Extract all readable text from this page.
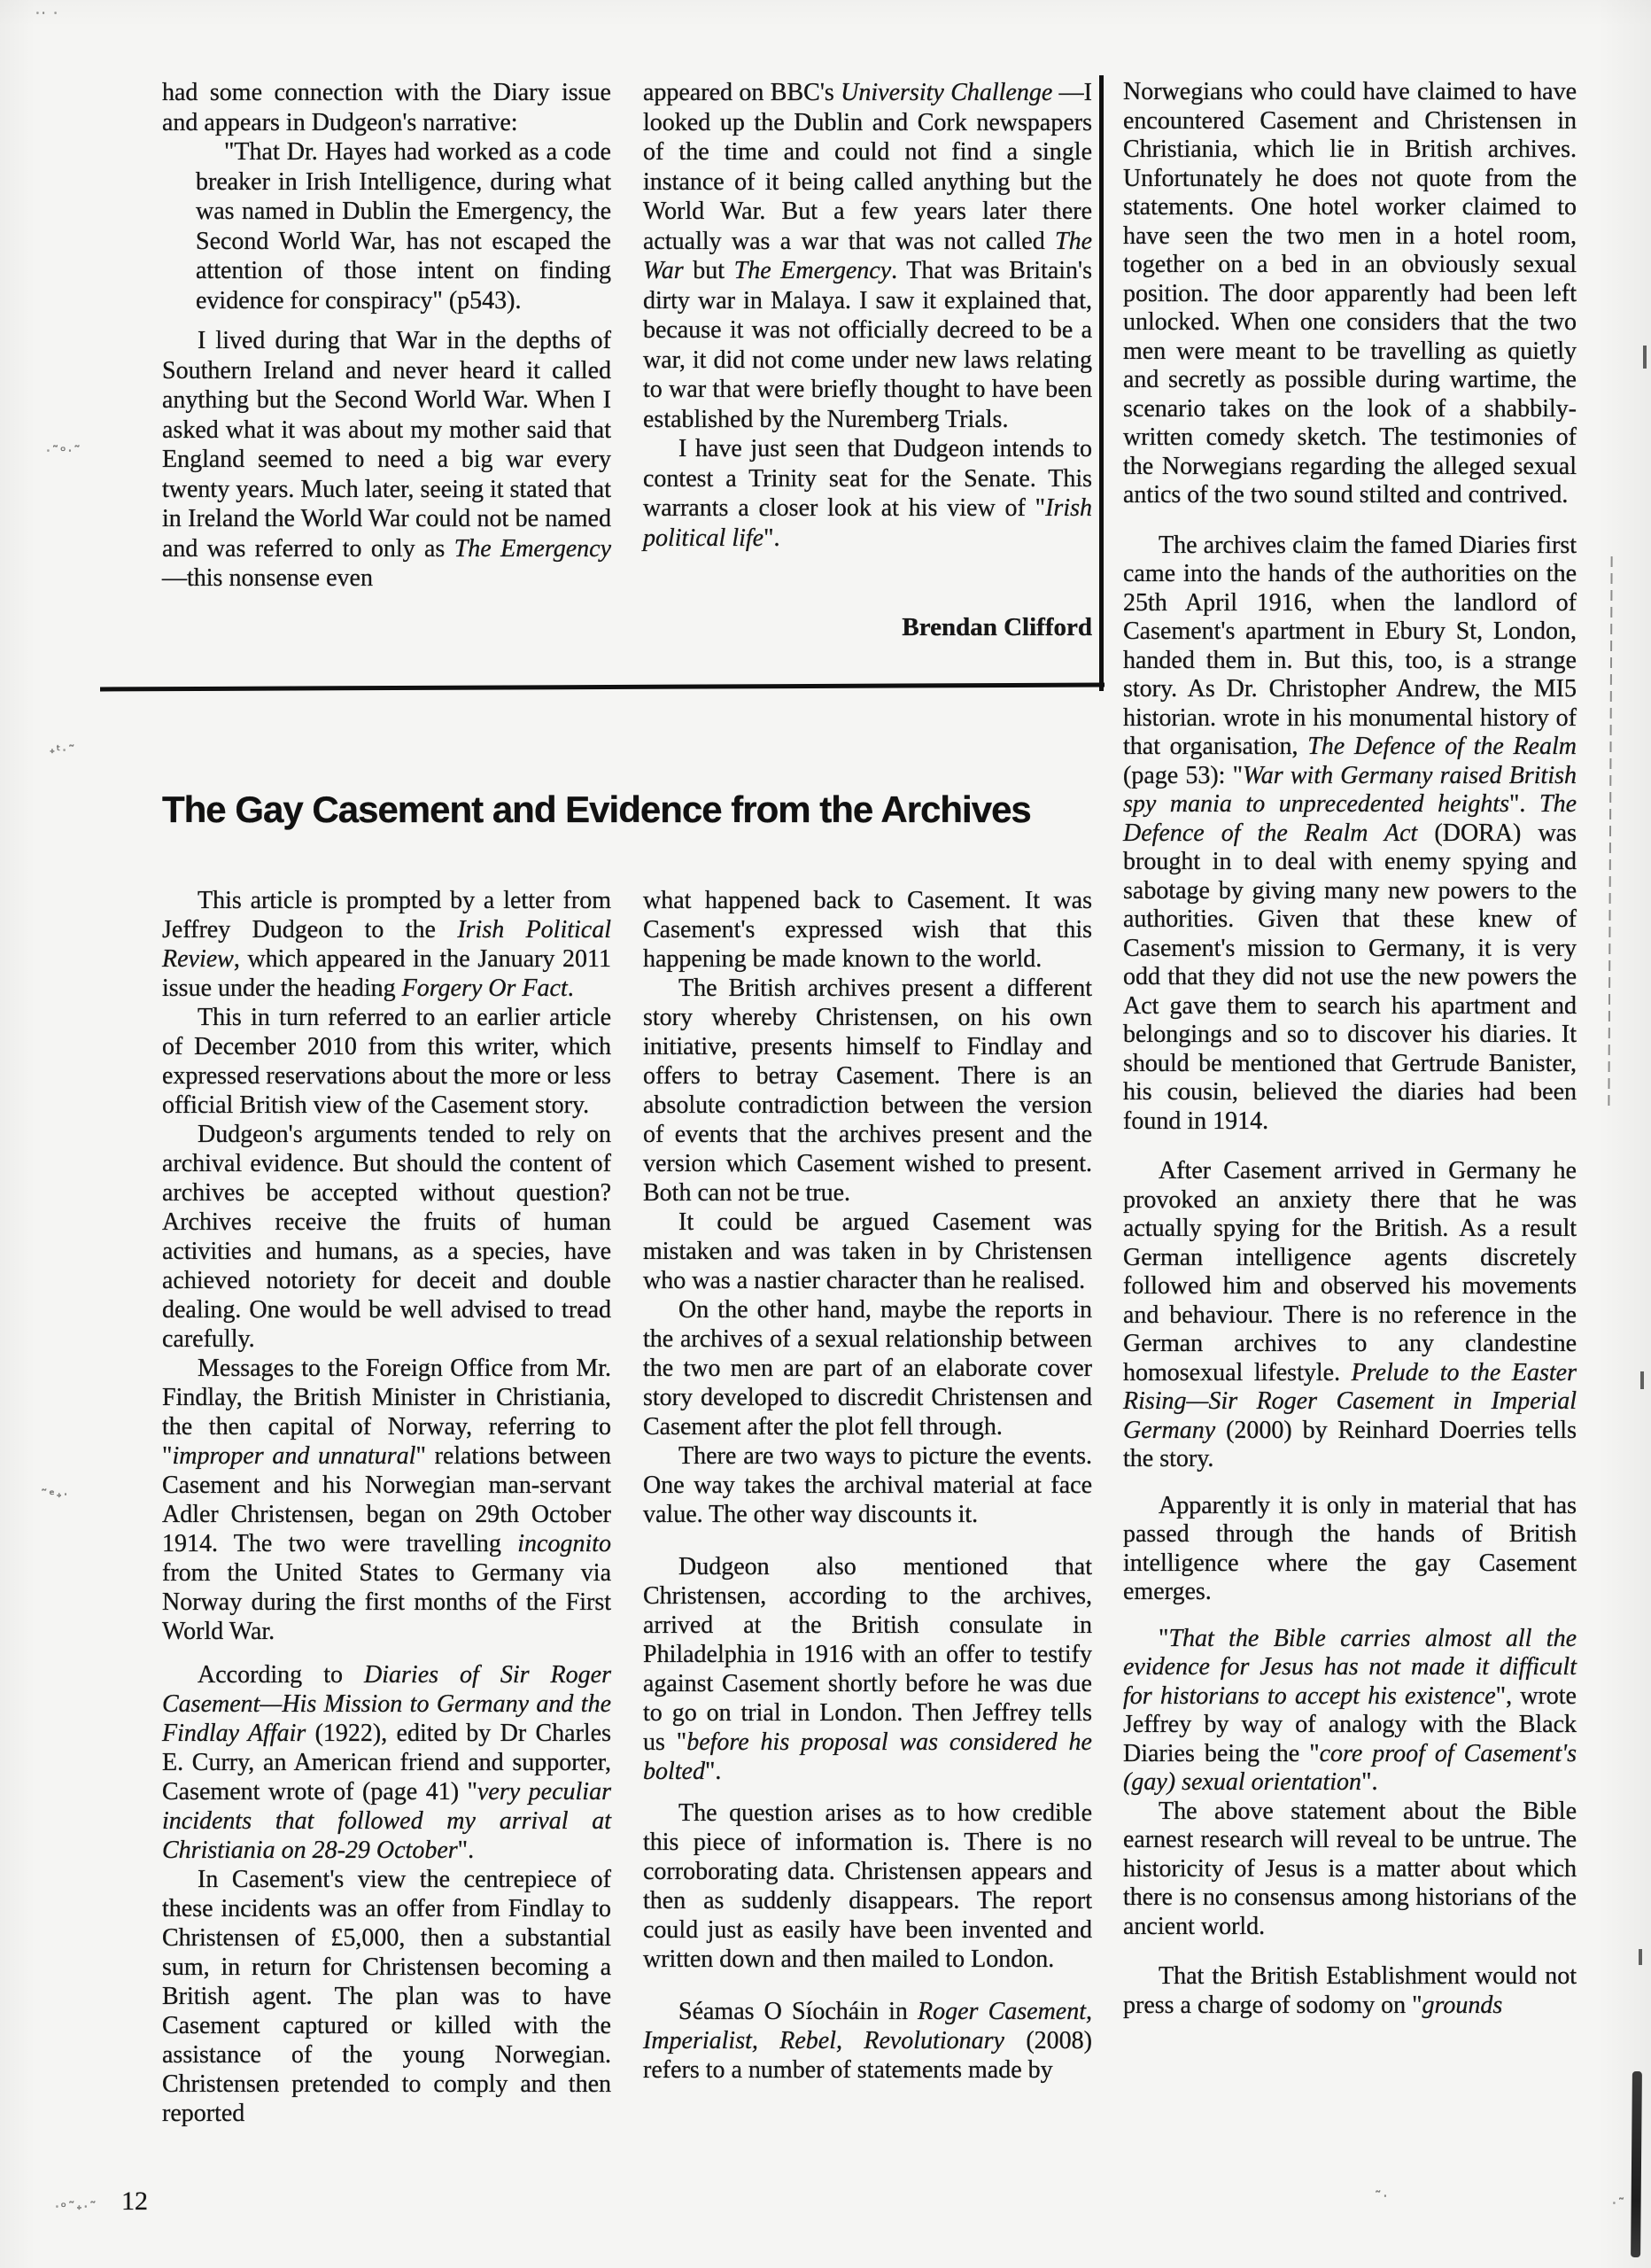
had some connection with the Diary issue and appears in Dudgeon's narrative:

"That Dr. Hayes had worked as a code breaker in Irish Intelligence, during what was named in Dublin the Emergency, the Second World War, has not escaped the attention of those intent on finding evidence for conspiracy" (p543).

I lived during that War in the depths of Southern Ireland and never heard it called anything but the Second World War. When I asked what it was about my mother said that England seemed to need a big war every twenty years. Much later, seeing it stated that in Ireland the World War could not be named and was referred to only as The Emergency—this nonsense even

appeared on BBC's University Challenge —I looked up the Dublin and Cork newspapers of the time and could not find a single instance of it being called anything but the World War. But a few years later there actually was a war that was not called The War but The Emergency. That was Britain's dirty war in Malaya. I saw it explained that, because it was not officially decreed to be a war, it did not come under new laws relating to war that were briefly thought to have been established by the Nuremberg Trials.

I have just seen that Dudgeon intends to contest a Trinity seat for the Senate. This warrants a closer look at his view of "Irish political life".

Brendan Clifford
The Gay Casement and Evidence from the Archives

This article is prompted by a letter from Jeffrey Dudgeon to the Irish Political Review, which appeared in the January 2011 issue under the heading Forgery Or Fact.

This in turn referred to an earlier article of December 2010 from this writer, which expressed reservations about the more or less official British view of the Casement story.

Dudgeon's arguments tended to rely on archival evidence. But should the content of archives be accepted without question? Archives receive the fruits of human activities and humans, as a species, have achieved notoriety for deceit and double dealing. One would be well advised to tread carefully.

Messages to the Foreign Office from Mr. Findlay, the British Minister in Christiania, the then capital of Norway, referring to "improper and unnatural" relations between Casement and his Norwegian man-servant Adler Christensen, began on 29th October 1914. The two were travelling incognito from the United States to Germany via Norway during the first months of the First World War.

According to Diaries of Sir Roger Casement—His Mission to Germany and the Findlay Affair (1922), edited by Dr Charles E. Curry, an American friend and supporter, Casement wrote of (page 41) "very peculiar incidents that followed my arrival at Christiania on 28-29 October".

In Casement's view the centrepiece of these incidents was an offer from Findlay to Christensen of £5,000, then a substantial sum, in return for Christensen becoming a British agent. The plan was to have Casement captured or killed with the assistance of the young Norwegian. Christensen pretended to comply and then reported

what happened back to Casement. It was Casement's expressed wish that this happening be made known to the world.

The British archives present a different story whereby Christensen, on his own initiative, presents himself to Findlay and offers to betray Casement. There is an absolute contradiction between the version of events that the archives present and the version which Casement wished to present. Both can not be true.

It could be argued Casement was mistaken and was taken in by Christensen who was a nastier character than he realised.

On the other hand, maybe the reports in the archives of a sexual relationship between the two men are part of an elaborate cover story developed to discredit Christensen and Casement after the plot fell through.

There are two ways to picture the events. One way takes the archival material at face value. The other way discounts it.

Dudgeon also mentioned that Christensen, according to the archives, arrived at the British consulate in Philadelphia in 1916 with an offer to testify against Casement shortly before he was due to go on trial in London. Then Jeffrey tells us "before his proposal was considered he bolted".

The question arises as to how credible this piece of information is. There is no corroborating data. Christensen appears and then as suddenly disappears. The report could just as easily have been invented and written down and then mailed to London.

Séamas O Síocháin in Roger Casement, Imperialist, Rebel, Revolutionary (2008) refers to a number of statements made by

Norwegians who could have claimed to have encountered Casement and Christensen in Christiania, which lie in British archives. Unfortunately he does not quote from the statements. One hotel worker claimed to have seen the two men in a hotel room, together on a bed in an obviously sexual position. The door apparently had been left unlocked. When one considers that the two men were meant to be travelling as quietly and secretly as possible during wartime, the scenario takes on the look of a shabbily-written comedy sketch. The testimonies of the Norwegians regarding the alleged sexual antics of the two sound stilted and contrived.

The archives claim the famed Diaries first came into the hands of the authorities on the 25th April 1916, when the landlord of Casement's apartment in Ebury St, London, handed them in. But this, too, is a strange story. As Dr. Christopher Andrew, the MI5 historian. wrote in his monumental history of that organisation, The Defence of the Realm (page 53): "War with Germany raised British spy mania to unprecedented heights". The Defence of the Realm Act (DORA) was brought in to deal with enemy spying and sabotage by giving many new powers to the authorities. Given that these knew of Casement's mission to Germany, it is very odd that they did not use the new powers the Act gave them to search his apartment and belongings and so to discover his diaries. It should be mentioned that Gertrude Banister, his cousin, believed the diaries had been found in 1914.

After Casement arrived in Germany he provoked an anxiety there that he was actually spying for the British. As a result German intelligence agents discretely followed him and observed his movements and behaviour. There is no reference in the German archives to any clandestine homosexual lifestyle. Prelude to the Easter Rising—Sir Roger Casement in Imperial Germany (2000) by Reinhard Doerries tells the story.

Apparently it is only in material that has passed through the hands of British intelligence where the gay Casement emerges.

"That the Bible carries almost all the evidence for Jesus has not made it difficult for historians to accept his existence", wrote Jeffrey by way of analogy with the Black Diaries being the "core proof of Casement's (gay) sexual orientation".

The above statement about the Bible earnest research will reveal to be untrue. The historicity of Jesus is a matter about which there is no consensus among historians of the ancient world.

That the British Establishment would not press a charge of sodomy on "grounds

12
·· ·
·˜ᵒ·˜
˖ᵗ·˜
˜ᵉ˖·
·ᵒ˜˖·˜
˜·	·˜
